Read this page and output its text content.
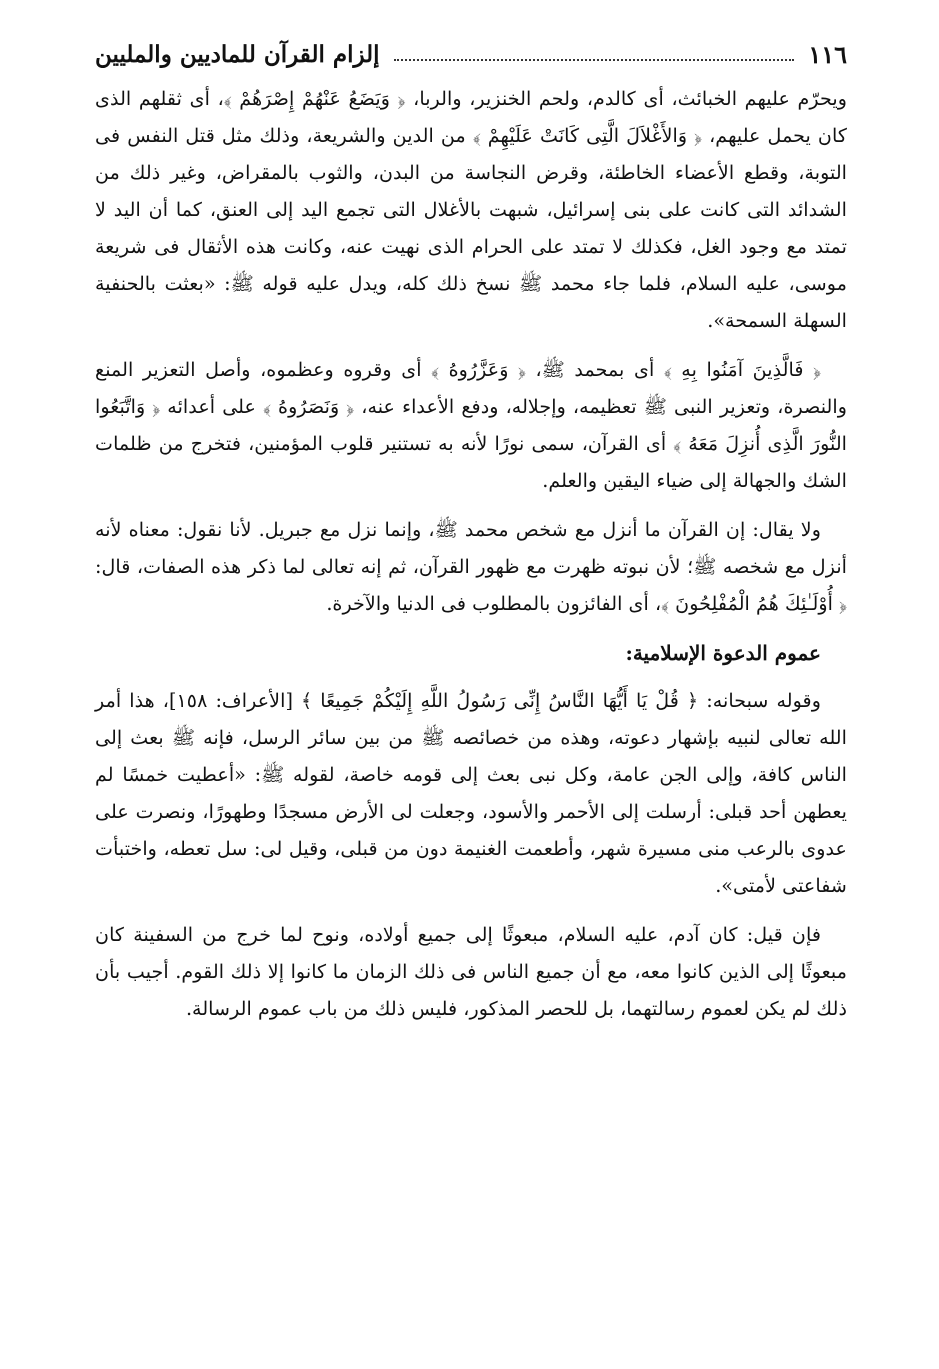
١١٦
إلزام القرآن للماديين والمليين

ويحرّم عليهم الخبائث، أى كالدم، ولحم الخنزير، والربا، ﴿ وَيَضَعُ عَنْهُمْ إِصْرَهُمْ ﴾، أى ثقلهم الذى كان يحمل عليهم، ﴿ وَالأَغْلاَلَ الَّتِى كَانَتْ عَلَيْهِمْ ﴾ من الدين والشريعة، وذلك مثل قتل النفس فى التوبة، وقطع الأعضاء الخاطئة، وقرض النجاسة من البدن، والثوب بالمقراض، وغير ذلك من الشدائد التى كانت على بنى إسرائيل، شبهت بالأغلال التى تجمع اليد إلى العنق، كما أن اليد لا تمتد مع وجود الغل، فكذلك لا تمتد على الحرام الذى نهيت عنه، وكانت هذه الأثقال فى شريعة موسى، عليه السلام، فلما جاء محمد ﷺ نسخ ذلك كله، ويدل عليه قوله ﷺ: «بعثت بالحنفية السهلة السمحة».

﴿ فَالَّذِينَ آمَنُوا بِهِ ﴾ أى بمحمد ﷺ، ﴿ وَعَزَّرُوهُ ﴾ أى وقروه وعظموه، وأصل التعزير المنع والنصرة، وتعزير النبى ﷺ تعظيمه، وإجلاله، ودفع الأعداء عنه، ﴿ وَنَصَرُوهُ ﴾ على أعدائه ﴿ وَاتَّبَعُوا النُّورَ الَّذِى أُنزِلَ مَعَهُ ﴾ أى القرآن، سمى نورًا لأنه به تستنير قلوب المؤمنين، فتخرج من ظلمات الشك والجهالة إلى ضياء اليقين والعلم.

ولا يقال: إن القرآن ما أنزل مع شخص محمد ﷺ، وإنما نزل مع جبريل. لأنا نقول: معناه لأنه أنزل مع شخصه ﷺ؛ لأن نبوته ظهرت مع ظهور القرآن، ثم إنه تعالى لما ذكر هذه الصفات، قال: ﴿ أُوْلَـٰئِكَ هُمُ الْمُفْلِحُونَ ﴾، أى الفائزون بالمطلوب فى الدنيا والآخرة.

عموم الدعوة الإسلامية:

وقوله سبحانه: ﴿ قُلْ يَا أَيُّهَا النَّاسُ إِنِّى رَسُولُ اللَّهِ إِلَيْكُمْ جَمِيعًا ﴾ [الأعراف: ١٥٨]، هذا أمر الله تعالى لنبيه بإشهار دعوته، وهذه من خصائصه ﷺ من بين سائر الرسل، فإنه ﷺ بعث إلى الناس كافة، وإلى الجن عامة، وكل نبى بعث إلى قومه خاصة، لقوله ﷺ: «أعطيت خمسًا لم يعطهن أحد قبلى: أرسلت إلى الأحمر والأسود، وجعلت لى الأرض مسجدًا وطهورًا، ونصرت على عدوى بالرعب منى مسيرة شهر، وأطعمت الغنيمة دون من قبلى، وقيل لى: سل تعطه، واختبأت شفاعتى لأمتى».

فإن قيل: كان آدم، عليه السلام، مبعوثًا إلى جميع أولاده، ونوح لما خرج من السفينة كان مبعوثًا إلى الذين كانوا معه، مع أن جميع الناس فى ذلك الزمان ما كانوا إلا ذلك القوم. أجيب بأن ذلك لم يكن لعموم رسالتهما، بل للحصر المذكور، فليس ذلك من باب عموم الرسالة.
